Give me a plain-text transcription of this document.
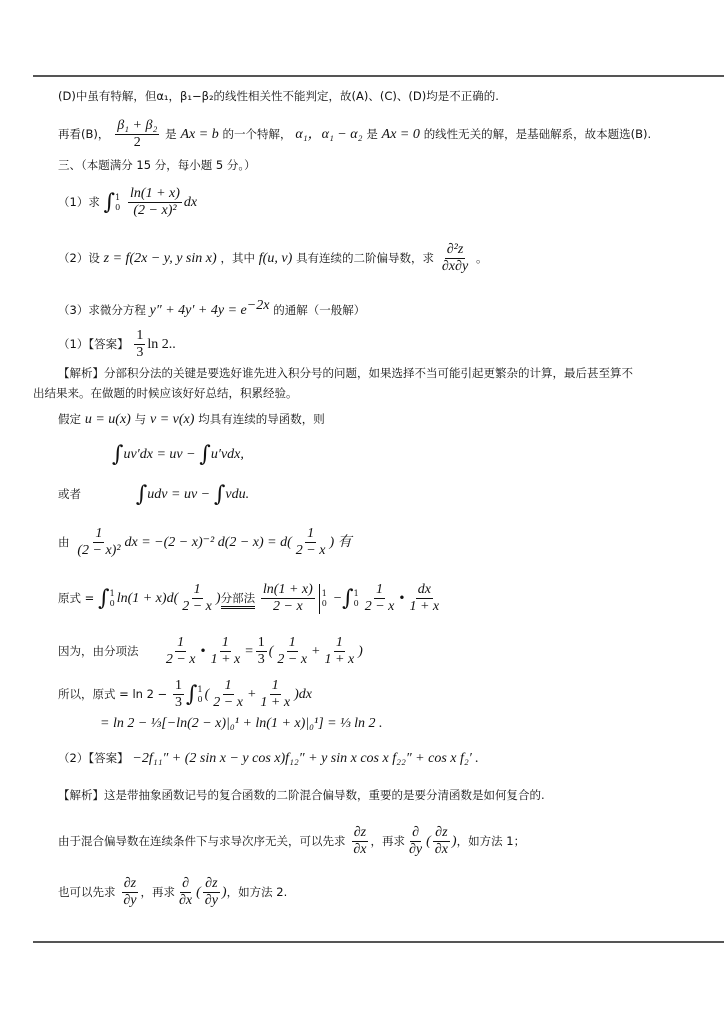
(D)中虽有特解，但α₁，β₁−β₂的线性相关性不能判定，故(A)、(C)、(D)均是不正确的.
再看(B)， $\frac{\text{β₁ + β₂}}{2}$ 是 Ax = b 的一个特解， α₁，α₁ − α₂ 是 Ax = 0 的线性无关的解，是基础解系，故本题选(B).
三、（本题满分 15 分，每小题 5 分。）
（1）求 ∫ 1
0
$\frac{\ln(1 + x)}{\text{(2 − x)²}}$ dx
（2）设 z = f(2x − y, y sin x) ，其中 f(u, v) 具有连续的二阶偏导数，求 $\frac{\text{∂²z}}{\partial x\partial y}$ 。
（3）求微分方程 $y'' + 4y' + 4y = e^{-2x}$ 的通解（一般解）
（1）【答案】 $\frac{1}{3}$ ln 2..
【解析】分部积分法的关键是要选好谁先进入积分号的问题，如果选择不当可能引起更繁杂的计算，最后甚至算不
出结果来。在做题的时候应该好好总结，积累经验。
假定 u = u(x) 与 v = v(x) 均具有连续的导函数，则
∫uv′dx = uv − ∫u′vdx,
或者 ∫udv = uv − ∫vdu.
由 $\frac{1}{\text{(2 − x)²}}$ dx = −(2 − x)⁻² $d(2 - x) = d( \frac{1}{2 - x}$ ) 有
原式 = ∫ 1
0 $\ln(1 + x)d( \frac{1}{2 - x}$ )分部法 $\frac{\ln(1 + x)}{2 - x} 1$
0 −∫ 1
$0 \frac{1}{2 - x}$ • $\frac{dx}{1 + x}$
因为，由分项法 $\frac{1}{2 - x}$ • $\frac{1}{1 + x} = \frac{1}{3}$ ( $\frac{1}{2 - x} + \frac{1}{1 + x}$ )
所以，原式 = $\ln 2 - \frac{1}{3}$ ∫ 1
0 ( $\frac{1}{2 - x} + \frac{1}{1 + x} )dx$
= ln 2 − ⅓[−ln(2 − x)|₀¹ + ln(1 + x)|₀¹] = ⅓ ln 2 .
（2）【答案】 −2f₁₁″ + (2 sin x − y cos x)f₁₂″ + y sin x cos x f₂₂″ + cos x f₂′ .
【解析】这是带抽象函数记号的复合函数的二阶混合偏导数，重要的是要分清函数是如何复合的.
由于混合偏导数在连续条件下与求导次序无关，可以先求 $\frac{\partial z}{\partial x}$ ，再求 $\frac{\partial}{\partial y}$ ( $\frac{\partial z}{\partial x}$ )，如方法 1；
也可以先求 $\frac{\partial z}{\partial y}$ ，再求 $\frac{\partial}{\partial x}$ ( $\frac{\partial z}{\partial y}$ )，如方法 2.
